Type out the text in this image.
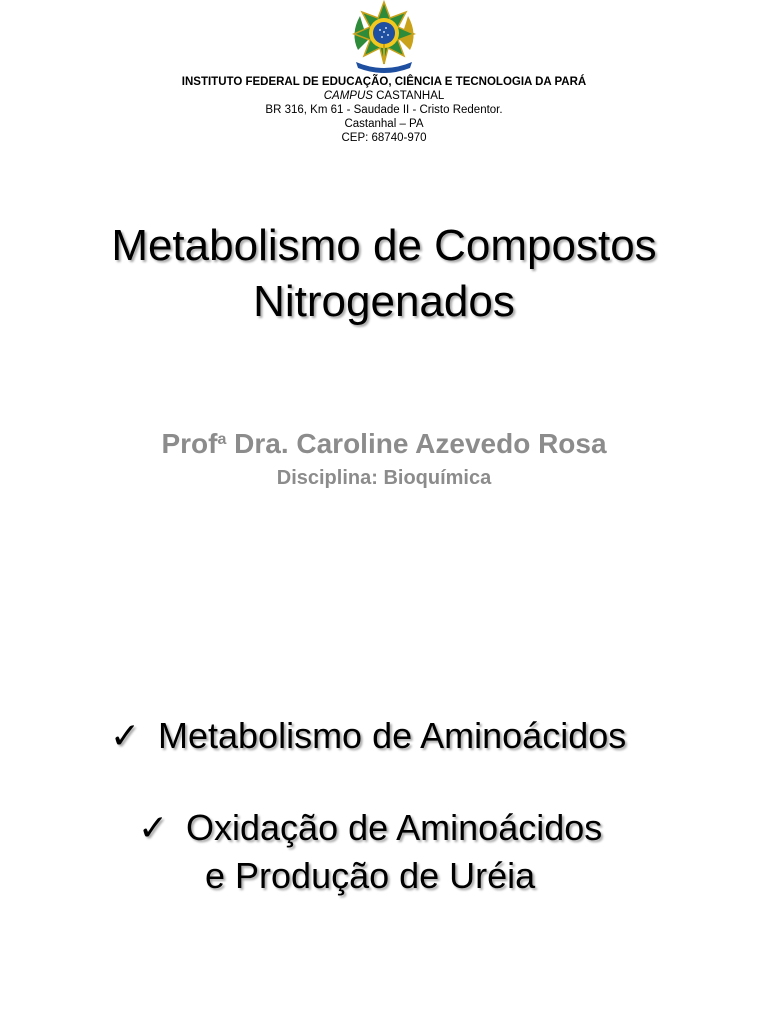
INSTITUTO FEDERAL DE EDUCAÇÃO, CIÊNCIA E TECNOLOGIA DA PARÁ
CAMPUS CASTANHAL
BR 316, Km 61 - Saudade II - Cristo Redentor.
Castanhal – PA
CEP: 68740-970
Metabolismo de Compostos
Nitrogenados
Prof$^a$ Dra. Caroline Azevedo Rosa
Disciplina: Bioquímica
✓ Metabolismo de Aminoácidos
✓ Oxidação de Aminoácidos
e Produção de Uréia
